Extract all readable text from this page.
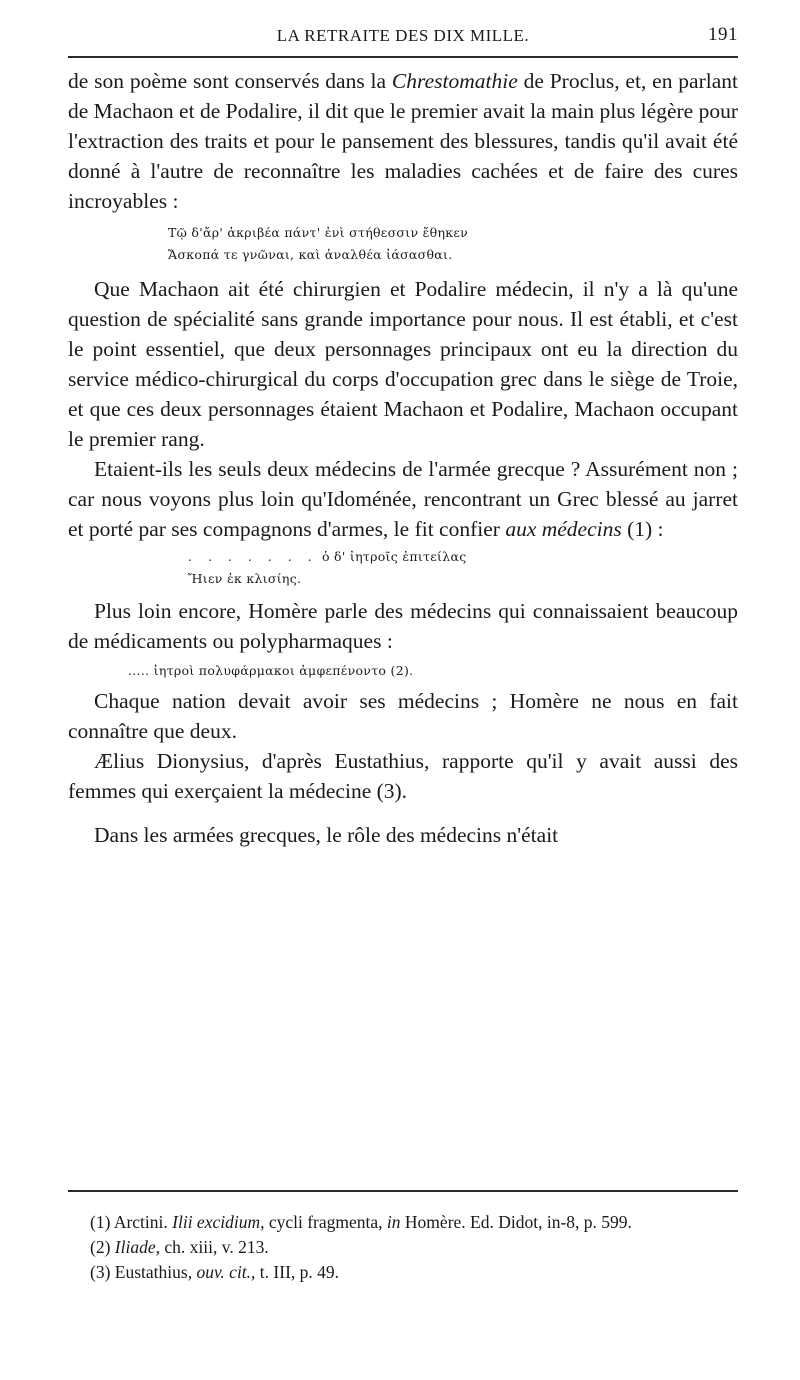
LA RETRAITE DES DIX MILLE.	191

de son poème sont conservés dans la Chrestomathie de Proclus, et, en parlant de Machaon et de Podalire, il dit que le premier avait la main plus légère pour l'extraction des traits et pour le pansement des blessures, tandis qu'il avait été donné à l'autre de reconnaître les maladies cachées et de faire des cures incroyables :

Τῷ δ'ἄρ' ἀκριβέα πάντ' ἐνὶ στήθεσσιν ἔθηκεν
Ἄσκοπά τε γνῶναι, καὶ ἀναλθέα ἰάσασθαι.

Que Machaon ait été chirurgien et Podalire médecin, il n'y a là qu'une question de spécialité sans grande importance pour nous. Il est établi, et c'est le point essentiel, que deux personnages principaux ont eu la direction du service médico-chirurgical du corps d'occupation grec dans le siège de Troie, et que ces deux personnages étaient Machaon et Podalire, Machaon occupant le premier rang.

Etaient-ils les seuls deux médecins de l'armée grecque ? Assurément non ; car nous voyons plus loin qu'Idoménée, rencontrant un Grec blessé au jarret et porté par ses compagnons d'armes, le fit confier aux médecins (1) :

. . . . . . . ὁ δ' ἰητροῖς ἐπιτείλας
Ἤιεν ἐκ κλισίης.

Plus loin encore, Homère parle des médecins qui connaissaient beaucoup de médicaments ou polypharmaques :

..... ἰητροὶ πολυφάρμακοι ἀμφεπένοντο (2).

Chaque nation devait avoir ses médecins ; Homère ne nous en fait connaître que deux.

Ælius Dionysius, d'après Eustathius, rapporte qu'il y avait aussi des femmes qui exerçaient la médecine (3).

Dans les armées grecques, le rôle des médecins n'était

(1) Arctini. Ilii excidium, cycli fragmenta, in Homère. Ed. Didot, in-8, p. 599.

(2) Iliade, ch. xiii, v. 213.

(3) Eustathius, ouv. cit., t. III, p. 49.
